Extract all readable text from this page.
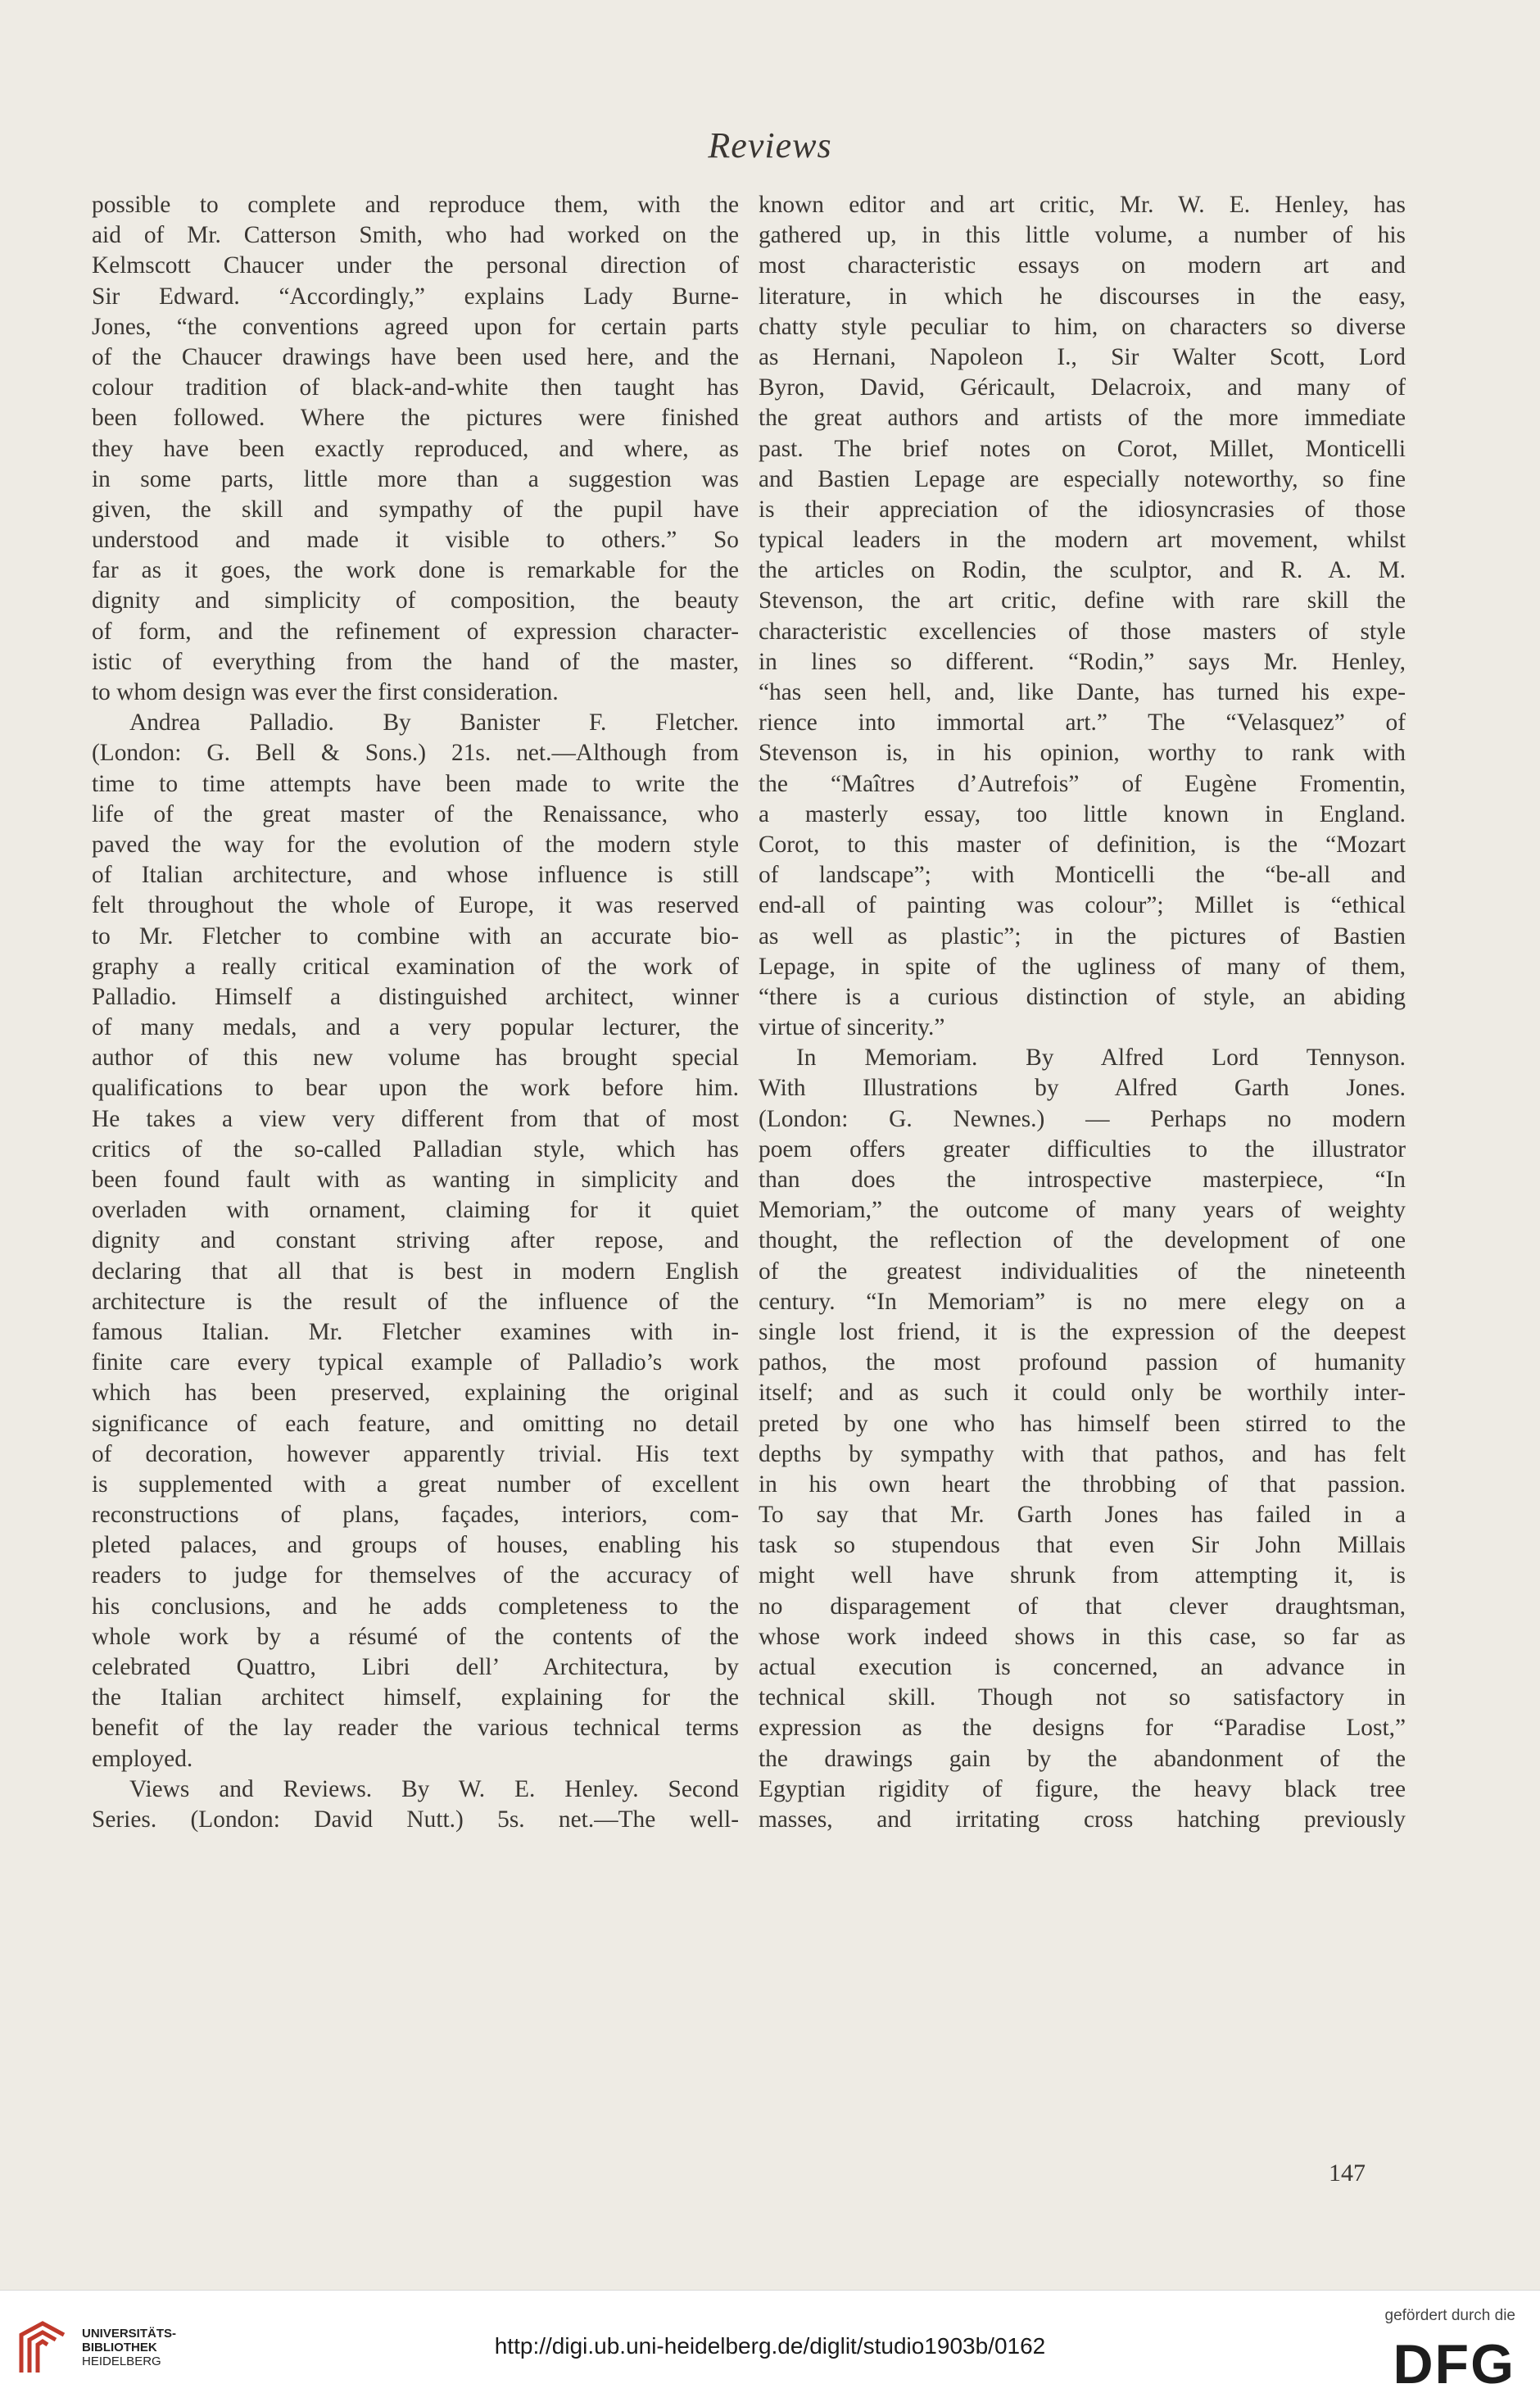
Reviews
possible to complete and reproduce them, with the
aid of Mr. Catterson Smith, who had worked on the
Kelmscott Chaucer under the personal direction of
Sir Edward. “Accordingly,” explains Lady Burne-
Jones, “the conventions agreed upon for certain parts
of the Chaucer drawings have been used here, and the
colour tradition of black-and-white then taught has
been followed. Where the pictures were finished
they have been exactly reproduced, and where, as
in some parts, little more than a suggestion was
given, the skill and sympathy of the pupil have
understood and made it visible to others.” So
far as it goes, the work done is remarkable for the
dignity and simplicity of composition, the beauty
of form, and the refinement of expression character-
istic of everything from the hand of the master,
to whom design was ever the first consideration.
Andrea Palladio. By Banister F. Fletcher.
(London: G. Bell & Sons.) 21s. net.—Although from
time to time attempts have been made to write the
life of the great master of the Renaissance, who
paved the way for the evolution of the modern style
of Italian architecture, and whose influence is still
felt throughout the whole of Europe, it was reserved
to Mr. Fletcher to combine with an accurate bio-
graphy a really critical examination of the work of
Palladio. Himself a distinguished architect, winner
of many medals, and a very popular lecturer, the
author of this new volume has brought special
qualifications to bear upon the work before him.
He takes a view very different from that of most
critics of the so-called Palladian style, which has
been found fault with as wanting in simplicity and
overladen with ornament, claiming for it quiet
dignity and constant striving after repose, and
declaring that all that is best in modern English
architecture is the result of the influence of the
famous Italian. Mr. Fletcher examines with in-
finite care every typical example of Palladio’s work
which has been preserved, explaining the original
significance of each feature, and omitting no detail
of decoration, however apparently trivial. His text
is supplemented with a great number of excellent
reconstructions of plans, façades, interiors, com-
pleted palaces, and groups of houses, enabling his
readers to judge for themselves of the accuracy of
his conclusions, and he adds completeness to the
whole work by a résumé of the contents of the
celebrated Quattro, Libri dell’ Architectura, by
the Italian architect himself, explaining for the
benefit of the lay reader the various technical terms
employed.
Views and Reviews. By W. E. Henley. Second
Series. (London: David Nutt.) 5s. net.—The well-
known editor and art critic, Mr. W. E. Henley, has
gathered up, in this little volume, a number of his
most characteristic essays on modern art and
literature, in which he discourses in the easy,
chatty style peculiar to him, on characters so diverse
as Hernani, Napoleon I., Sir Walter Scott, Lord
Byron, David, Géricault, Delacroix, and many of
the great authors and artists of the more immediate
past. The brief notes on Corot, Millet, Monticelli
and Bastien Lepage are especially noteworthy, so fine
is their appreciation of the idiosyncrasies of those
typical leaders in the modern art movement, whilst
the articles on Rodin, the sculptor, and R. A. M.
Stevenson, the art critic, define with rare skill the
characteristic excellencies of those masters of style
in lines so different. “Rodin,” says Mr. Henley,
“has seen hell, and, like Dante, has turned his expe-
rience into immortal art.” The “Velasquez” of
Stevenson is, in his opinion, worthy to rank with
the “Maîtres d’Autrefois” of Eugène Fromentin,
a masterly essay, too little known in England.
Corot, to this master of definition, is the “Mozart
of landscape”; with Monticelli the “be-all and
end-all of painting was colour”; Millet is “ethical
as well as plastic”; in the pictures of Bastien
Lepage, in spite of the ugliness of many of them,
“there is a curious distinction of style, an abiding
virtue of sincerity.”
In Memoriam. By Alfred Lord Tennyson.
With Illustrations by Alfred Garth Jones.
(London: G. Newnes.) — Perhaps no modern
poem offers greater difficulties to the illustrator
than does the introspective masterpiece, “In
Memoriam,” the outcome of many years of weighty
thought, the reflection of the development of one
of the greatest individualities of the nineteenth
century. “In Memoriam” is no mere elegy on a
single lost friend, it is the expression of the deepest
pathos, the most profound passion of humanity
itself; and as such it could only be worthily inter-
preted by one who has himself been stirred to the
depths by sympathy with that pathos, and has felt
in his own heart the throbbing of that passion.
To say that Mr. Garth Jones has failed in a
task so stupendous that even Sir John Millais
might well have shrunk from attempting it, is
no disparagement of that clever draughtsman,
whose work indeed shows in this case, so far as
actual execution is concerned, an advance in
technical skill. Though not so satisfactory in
expression as the designs for “Paradise Lost,”
the drawings gain by the abandonment of the
Egyptian rigidity of figure, the heavy black tree
masses, and irritating cross hatching previously
147
UNIVERSITÄTS-
BIBLIOTHEK
HEIDELBERG
http://digi.ub.uni-heidelberg.de/diglit/studio1903b/0162
gefördert durch die
DFG
